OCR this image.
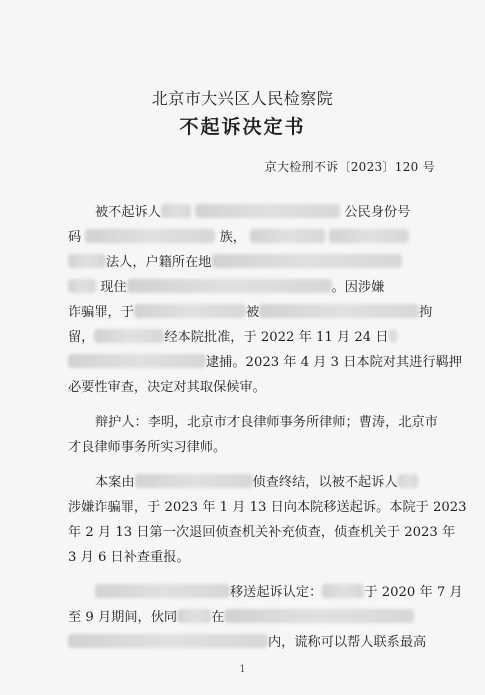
北京市大兴区人民检察院
不起诉决定书
京大检刑不诉〔2023〕120 号
被不起诉人	公民身份号
码	族，
法人，户籍所在地
现住	。因涉嫌
诈骗罪，于	被	拘
留，	经本院批准，于 2022 年 11 月 24 日
逮捕。2023 年 4 月 3 日本院对其进行羁押
必要性审查，决定对其取保候审。
辩护人：李明，北京市才良律师事务所律师；曹涛，北京市
才良律师事务所实习律师。
本案由	侦查终结，以被不起诉人
涉嫌诈骗罪，于 2023 年 1 月 13 日向本院移送起诉。本院于 2023
年 2 月 13 日第一次退回侦查机关补充侦查，侦查机关于 2023 年
3 月 6 日补查重报。
移送起诉认定：	于 2020 年 7 月
至 9 月期间，伙同	在
内，谎称可以帮人联系最高
1
